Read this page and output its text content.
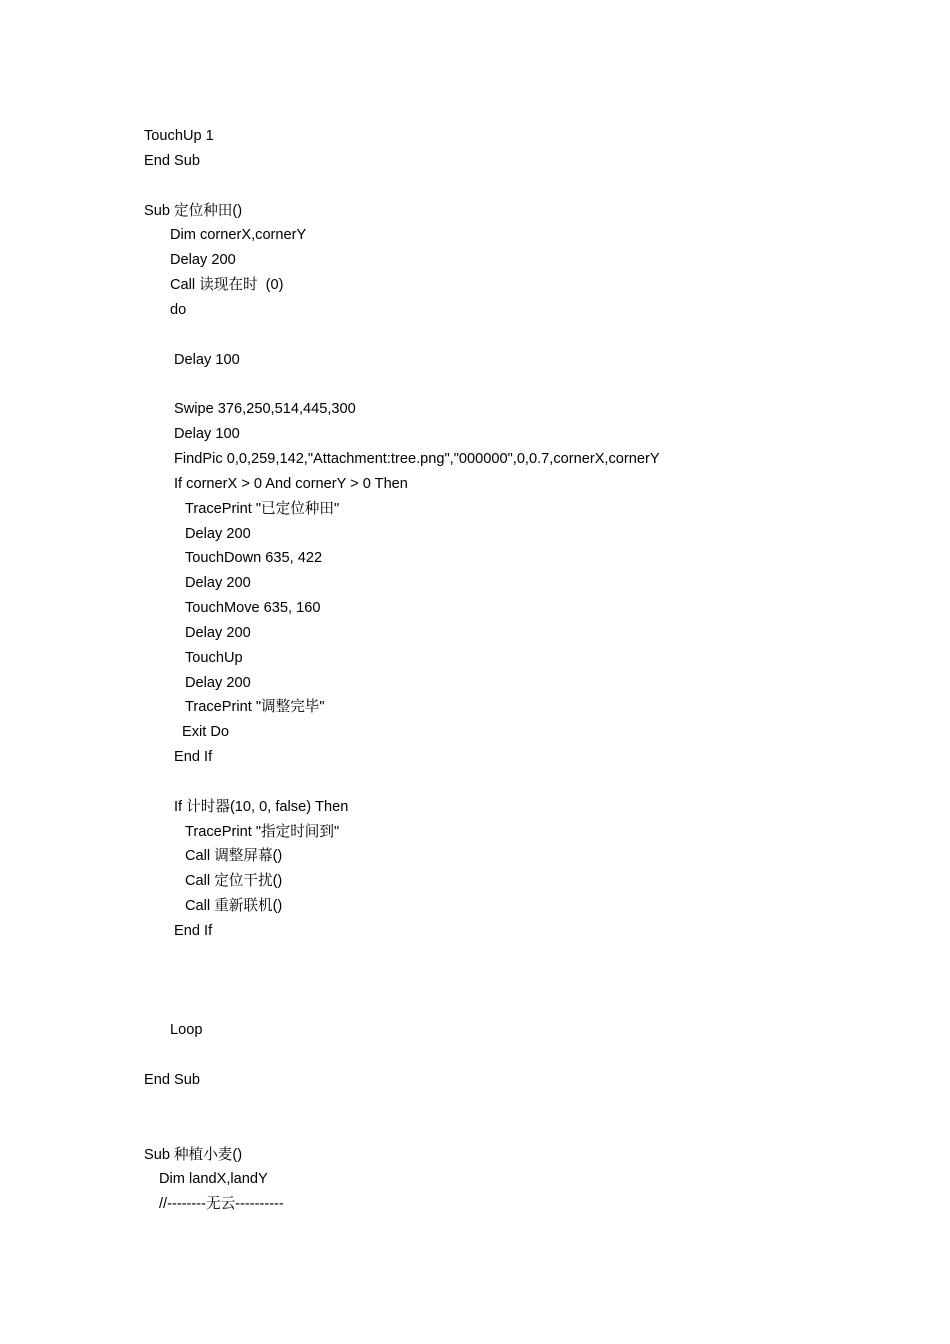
TouchUp 1
End Sub
Sub 定位种田()
Dim cornerX,cornerY
Delay 200
Call 读现在时  (0)
do
Delay 100
Swipe 376,250,514,445,300
Delay 100
FindPic 0,0,259,142,"Attachment:tree.png","000000",0,0.7,cornerX,cornerY
If cornerX > 0 And cornerY > 0 Then
TracePrint "已定位种田"
Delay 200
TouchDown 635, 422
Delay 200
TouchMove 635, 160
Delay 200
TouchUp
Delay 200
TracePrint "调整完毕"
Exit Do
End If
If 计时器(10, 0, false) Then
TracePrint "指定时间到"
Call 调整屏幕()
Call 定位干扰()
Call 重新联机()
End If
Loop
End Sub
Sub 种植小麦()
Dim landX,landY
//--------无云----------
